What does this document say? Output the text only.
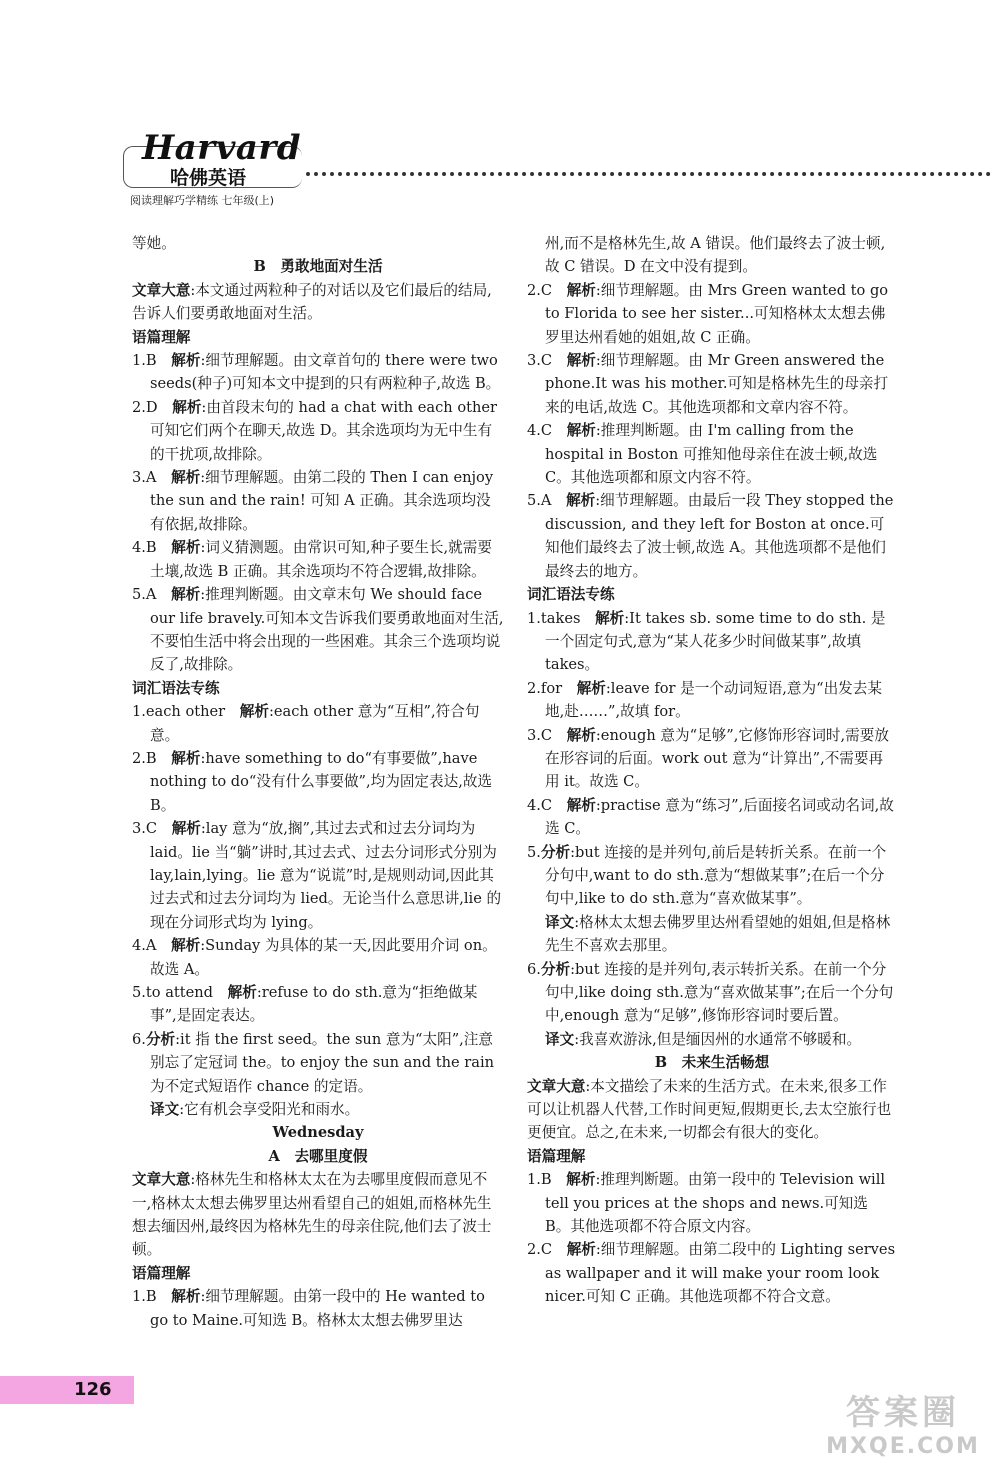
Harvard
哈佛英语
阅读理解巧学精练 七年级(上)

等她。

B　勇敢地面对生活

文章大意:本文通过两粒种子的对话以及它们最后的结局,告诉人们要勇敢地面对生活。

语篇理解

1.B　解析:细节理解题。由文章首句的 there were two seeds(种子)可知本文中提到的只有两粒种子,故选 B。

2.D　解析:由首段末句的 had a chat with each other 可知它们两个在聊天,故选 D。其余选项均为无中生有的干扰项,故排除。

3.A　解析:细节理解题。由第二段的 Then I can enjoy the sun and the rain! 可知 A 正确。其余选项均没有依据,故排除。

4.B　解析:词义猜测题。由常识可知,种子要生长,就需要土壤,故选 B 正确。其余选项均不符合逻辑,故排除。

5.A　解析:推理判断题。由文章末句 We should face our life bravely.可知本文告诉我们要勇敢地面对生活,不要怕生活中将会出现的一些困难。其余三个选项均说反了,故排除。

词汇语法专练

1.each other　解析:each other 意为“互相”,符合句意。

2.B　解析:have something to do“有事要做”,have nothing to do“没有什么事要做”,均为固定表达,故选 B。

3.C　解析:lay 意为“放,搁”,其过去式和过去分词均为 laid。lie 当“躺”讲时,其过去式、过去分词形式分别为 lay,lain,lying。lie 意为“说谎”时,是规则动词,因此其过去式和过去分词均为 lied。无论当什么意思讲,lie 的现在分词形式均为 lying。

4.A　解析:Sunday 为具体的某一天,因此要用介词 on。故选 A。

5.to attend　解析:refuse to do sth.意为“拒绝做某事”,是固定表达。

6.分析:it 指 the first seed。the sun 意为“太阳”,注意别忘了定冠词 the。to enjoy the sun and the rain 为不定式短语作 chance 的定语。

译文:它有机会享受阳光和雨水。

Wednesday

A　去哪里度假

文章大意:格林先生和格林太太在为去哪里度假而意见不一,格林太太想去佛罗里达州看望自己的姐姐,而格林先生想去缅因州,最终因为格林先生的母亲住院,他们去了波士顿。

语篇理解

1.B　解析:细节理解题。由第一段中的 He wanted to go to Maine.可知选 B。格林太太想去佛罗里达

州,而不是格林先生,故 A 错误。他们最终去了波士顿,故 C 错误。D 在文中没有提到。

2.C　解析:细节理解题。由 Mrs Green wanted to go to Florida to see her sister...可知格林太太想去佛罗里达州看她的姐姐,故 C 正确。

3.C　解析:细节理解题。由 Mr Green answered the phone.It was his mother.可知是格林先生的母亲打来的电话,故选 C。其他选项都和文章内容不符。

4.C　解析:推理判断题。由 I'm calling from the hospital in Boston 可推知他母亲住在波士顿,故选 C。其他选项都和原文内容不符。

5.A　解析:细节理解题。由最后一段 They stopped the discussion, and they left for Boston at once.可知他们最终去了波士顿,故选 A。其他选项都不是他们最终去的地方。

词汇语法专练

1.takes　解析:It takes sb. some time to do sth. 是一个固定句式,意为“某人花多少时间做某事”,故填 takes。

2.for　解析:leave for 是一个动词短语,意为“出发去某地,赴……”,故填 for。

3.C　解析:enough 意为“足够”,它修饰形容词时,需要放在形容词的后面。work out 意为“计算出”,不需要再用 it。故选 C。

4.C　解析:practise 意为“练习”,后面接名词或动名词,故选 C。

5.分析:but 连接的是并列句,前后是转折关系。在前一个分句中,want to do sth.意为“想做某事”;在后一个分句中,like to do sth.意为“喜欢做某事”。

译文:格林太太想去佛罗里达州看望她的姐姐,但是格林先生不喜欢去那里。

6.分析:but 连接的是并列句,表示转折关系。在前一个分句中,like doing sth.意为“喜欢做某事”;在后一个分句中,enough 意为“足够”,修饰形容词时要后置。

译文:我喜欢游泳,但是缅因州的水通常不够暖和。

B　未来生活畅想

文章大意:本文描绘了未来的生活方式。在未来,很多工作可以让机器人代替,工作时间更短,假期更长,去太空旅行也更便宜。总之,在未来,一切都会有很大的变化。

语篇理解

1.B　解析:推理判断题。由第一段中的 Television will tell you prices at the shops and news.可知选 B。其他选项都不符合原文内容。

2.C　解析:细节理解题。由第二段中的 Lighting serves as wallpaper and it will make your room look nicer.可知 C 正确。其他选项都不符合文意。

126
答案圈
MXQE.COM
